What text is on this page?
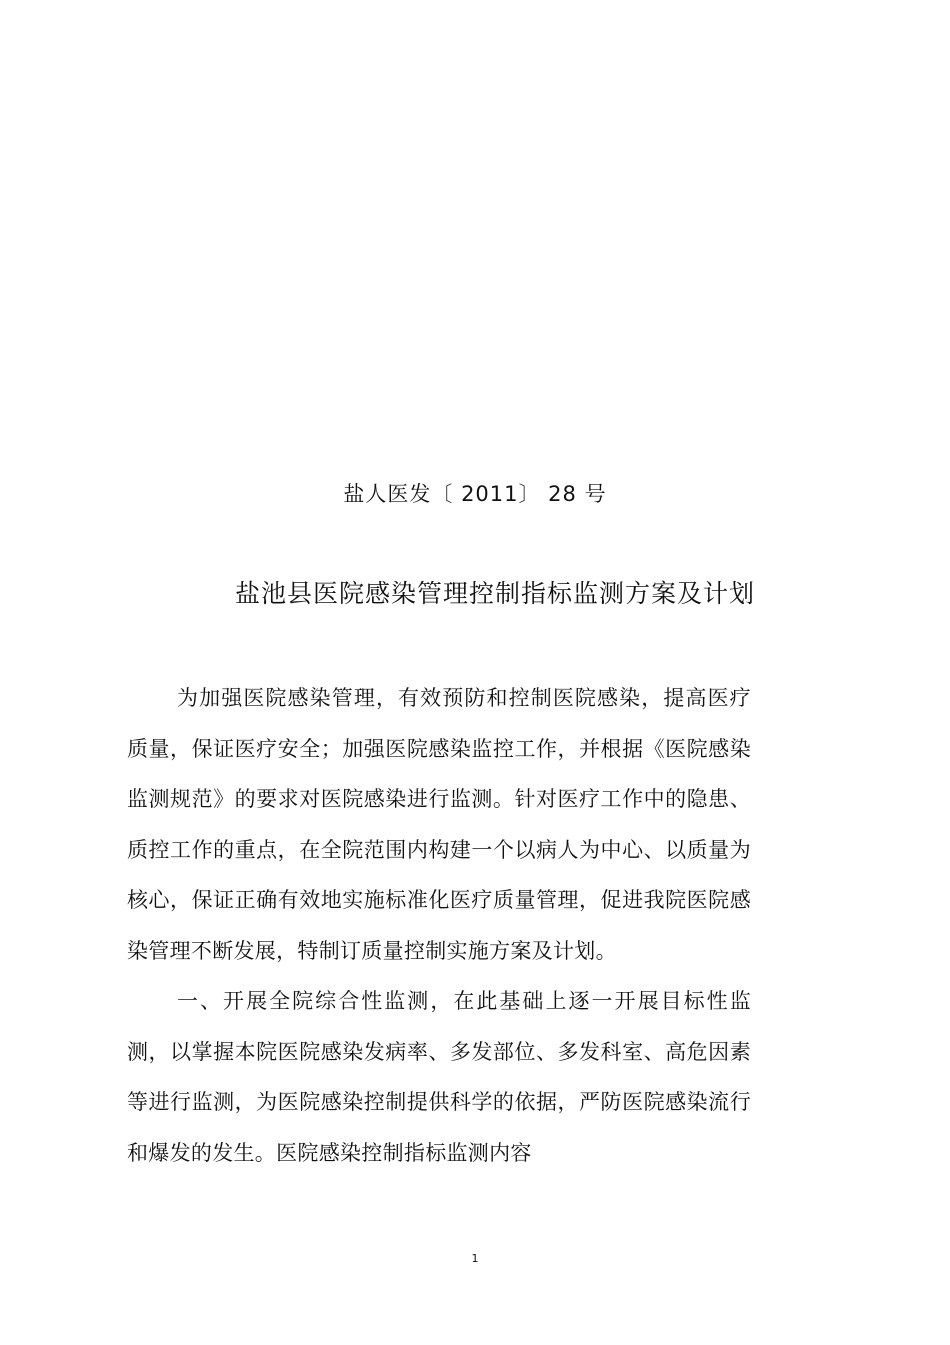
盐人医发〔 2011〕 28 号
盐池县医院感染管理控制指标监测方案及计划

为加强医院感染管理，有效预防和控制医院感染，提高医疗质量，保证医疗安全；加强医院感染监控工作，并根据《医院感染监测规范》的要求对医院感染进行监测。针对医疗工作中的隐患、质控工作的重点，在全院范围内构建一个以病人为中心、以质量为核心，保证正确有效地实施标准化医疗质量管理，促进我院医院感染管理不断发展，特制订质量控制实施方案及计划。

一、开展全院综合性监测，在此基础上逐一开展目标性监测，以掌握本院医院感染发病率、多发部位、多发科室、高危因素等进行监测，为医院感染控制提供科学的依据，严防医院感染流行和爆发的发生。医院感染控制指标监测内容

1
